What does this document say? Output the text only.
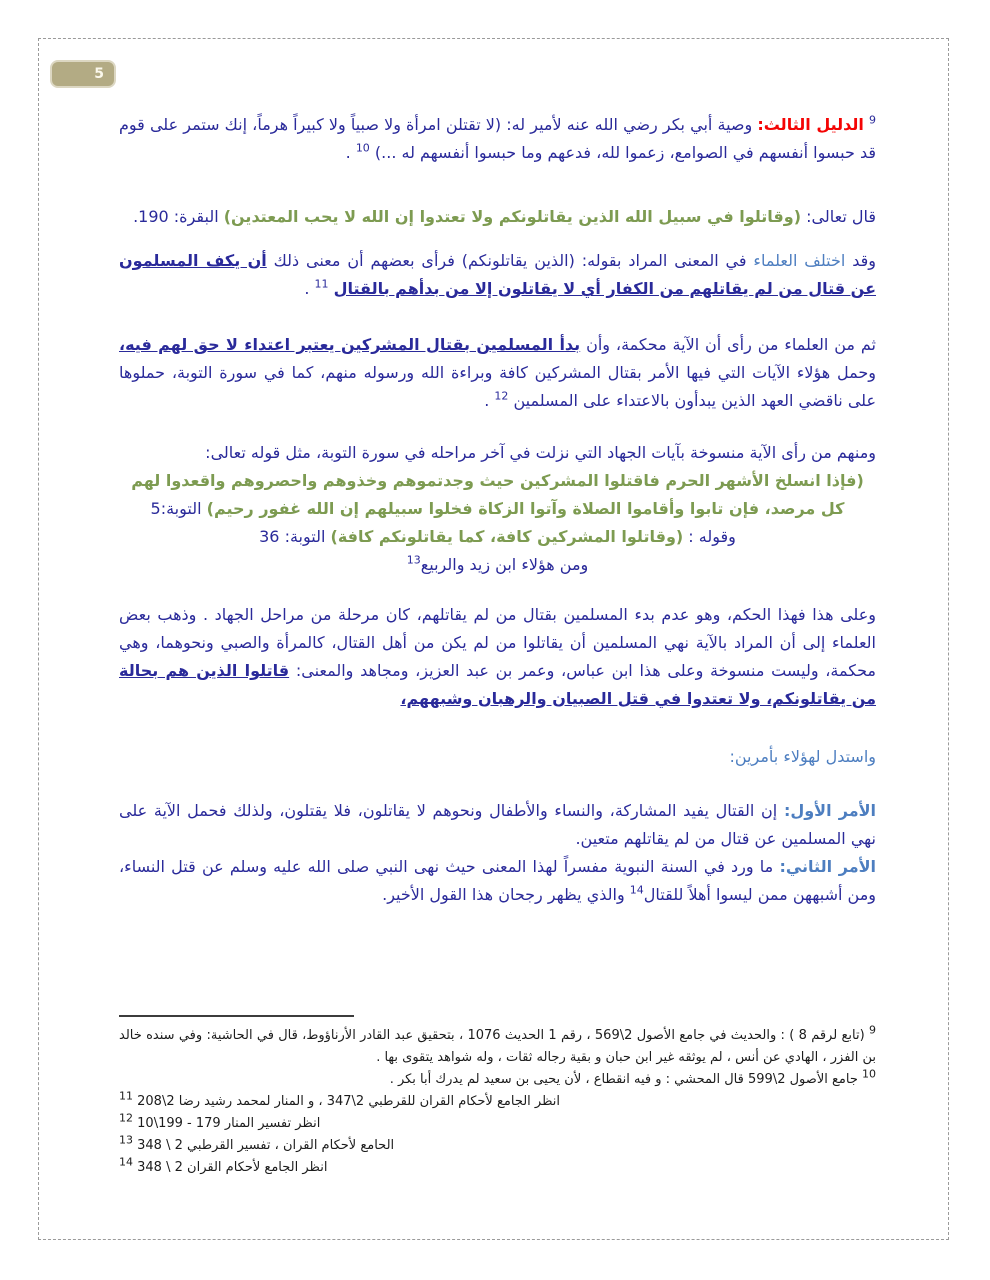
5
$^9$ الدليل الثالث: وصية أبي بكر رضي الله عنه لأمير له: (لا تقتلن امرأة ولا صبياً ولا كبيراً هرماً، إنك ستمر على قوم قد حبسوا أنفسهم في الصوامع، زعموا لله، فدعهم وما حبسوا أنفسهم له ...) $^{10}$ .
قال تعالى: (وقاتلوا في سبيل الله الذين يقاتلونكم ولا تعتدوا إن الله لا يحب المعتدين) البقرة: 190.
وقد اختلف العلماء في المعنى المراد بقوله: (الذين يقاتلونكم) فرأى بعضهم أن معنى ذلك أن يكف المسلمون عن قتال من لم يقاتلهم من الكفار أي لا يقاتلون إلا من بدأهم بالقتال $^{11}$ .
ثم من العلماء من رأى أن الآية محكمة، وأن بدأ المسلمين بقتال المشركين يعتبر اعتداء لا حق لهم فيه، وحمل هؤلاء الآيات التي فيها الأمر بقتال المشركين كافة وبراءة الله ورسوله منهم، كما في سورة التوبة، حملوها على ناقضي العهد الذين يبدأون بالاعتداء على المسلمين $^{12}$ .
ومنهم من رأى الآية منسوخة بآيات الجهاد التي نزلت في آخر مراحله في سورة التوبة، مثل قوله تعالى:
(فإذا انسلخ الأشهر الحرم فاقتلوا المشركين حيث وجدتموهم وخذوهم واحصروهم واقعدوا لهم كل مرصد، فإن تابوا وأقاموا الصلاة وآتوا الزكاة فخلوا سبيلهم إن الله غفور رحيم) التوبة:5
وقوله : (وقاتلوا المشركين كافة، كما يقاتلونكم كافة) التوبة: 36
ومن هؤلاء ابن زيد والربيع$^{13}$
وعلى هذا فهذا الحكم، وهو عدم بدء المسلمين بقتال من لم يقاتلهم، كان مرحلة من مراحل الجهاد . وذهب بعض العلماء إلى أن المراد بالآية نهي المسلمين أن يقاتلوا من لم يكن من أهل القتال، كالمرأة والصبي ونحوهما، وهي محكمة، وليست منسوخة وعلى هذا ابن عباس، وعمر بن عبد العزيز، ومجاهد والمعنى: قاتلوا الذين هم بحالة من يقاتلونكم، ولا تعتدوا في قتل الصبيان والرهبان وشبههم،
واستدل لهؤلاء بأمرين:
الأمر الأول: إن القتال يفيد المشاركة، والنساء والأطفال ونحوهم لا يقاتلون، فلا يقتلون، ولذلك فحمل الآية على نهي المسلمين عن قتال من لم يقاتلهم متعين.
الأمر الثاني: ما ورد في السنة النبوية مفسراً لهذا المعنى حيث نهى النبي صلى الله عليه وسلم عن قتل النساء، ومن أشبههن ممن ليسوا أهلاً للقتال$^{14}$ والذي يظهر رجحان هذا القول الأخير.
$^9$ (تابع لرقم 8 ) : والحديث في جامع الأصول 2\569 ، رقم 1 الحديث 1076 ، بتحقيق عبد القادر الأرناؤوط، قال في الحاشية: وفي سنده خالد بن الفزر ، الهادي عن أنس ، لم يوثقه غير ابن حبان و بقية رجاله ثقات ، وله شواهد يتقوى بها .
$^{10}$ جامع الأصول 2\599 قال المحشي : و فيه انقطاع ، لأن يحيى بن سعيد لم يدرك أبا بكر .
$^{11}$ انظر الجامع لأحكام القران للقرطبي 2\347 ، و المنار لمحمد رشيد رضا 2\208
$^{12}$ انظر تفسير المنار 179 - 199\10
$^{13}$ الحامع لأحكام القران ، تفسير القرطبي 2 \ 348
$^{14}$ انظر الجامع لأحكام القران 2 \ 348
